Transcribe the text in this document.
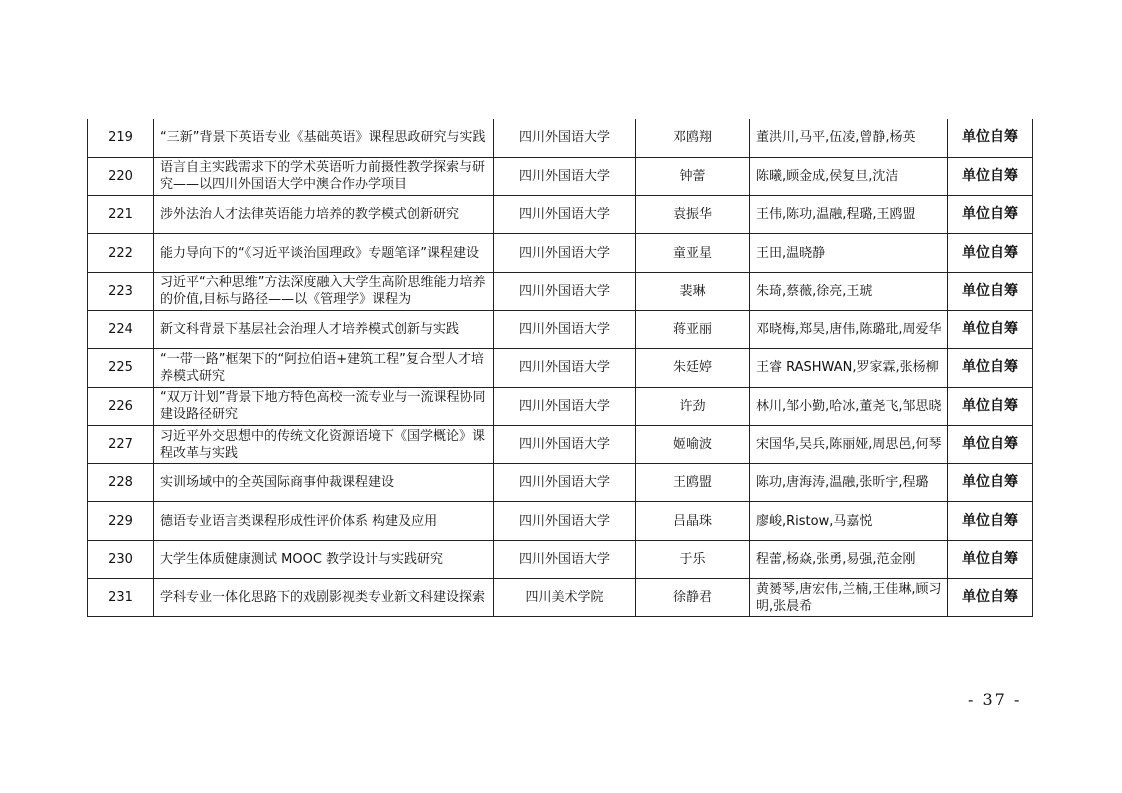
219	“三新”背景下英语专业《基础英语》课程思政研究与实践	四川外国语大学	邓鸥翔	董洪川,马平,伍凌,曾静,杨英	单位自筹
220	语言自主实践需求下的学术英语听力前摄性教学探索与研究——以四川外国语大学中澳合作办学项目	四川外国语大学	钟蕾	陈曦,顾金成,侯复旦,沈洁	单位自筹
221	涉外法治人才法律英语能力培养的教学模式创新研究	四川外国语大学	袁振华	王伟,陈功,温融,程璐,王鸥盟	单位自筹
222	能力导向下的“《习近平谈治国理政》专题笔译”课程建设	四川外国语大学	童亚星	王田,温晓静	单位自筹
223	习近平“六种思维”方法深度融入大学生高阶思维能力培养的价值,目标与路径——以《管理学》课程为	四川外国语大学	裴琳	朱琦,蔡薇,徐亮,王琥	单位自筹
224	新文科背景下基层社会治理人才培养模式创新与实践	四川外国语大学	蒋亚丽	邓晓梅,郑昊,唐伟,陈璐玭,周爱华	单位自筹
225	“一带一路”框架下的“阿拉伯语+建筑工程”复合型人才培养模式研究	四川外国语大学	朱廷婷	王睿 RASHWAN,罗家霖,张杨柳	单位自筹
226	“双万计划”背景下地方特色高校一流专业与一流课程协同建设路径研究	四川外国语大学	许劲	林川,邹小勤,哈冰,董尧飞,邹思晓	单位自筹
227	习近平外交思想中的传统文化资源语境下《国学概论》课程改革与实践	四川外国语大学	姬喻波	宋国华,吴兵,陈丽娅,周思邑,何琴	单位自筹
228	实训场域中的全英国际商事仲裁课程建设	四川外国语大学	王鸥盟	陈功,唐海涛,温融,张昕宇,程璐	单位自筹
229	德语专业语言类课程形成性评价体系 构建及应用	四川外国语大学	吕晶珠	廖峻,Ristow,马嘉悦	单位自筹
230	大学生体质健康测试 MOOC 教学设计与实践研究	四川外国语大学	于乐	程蕾,杨焱,张勇,易强,范金刚	单位自筹
231	学科专业一体化思路下的戏剧影视类专业新文科建设探索	四川美术学院	徐静君	黄赟琴,唐宏伟,兰楠,王佳琳,顾习明,张晨希	单位自筹
- 37 -
